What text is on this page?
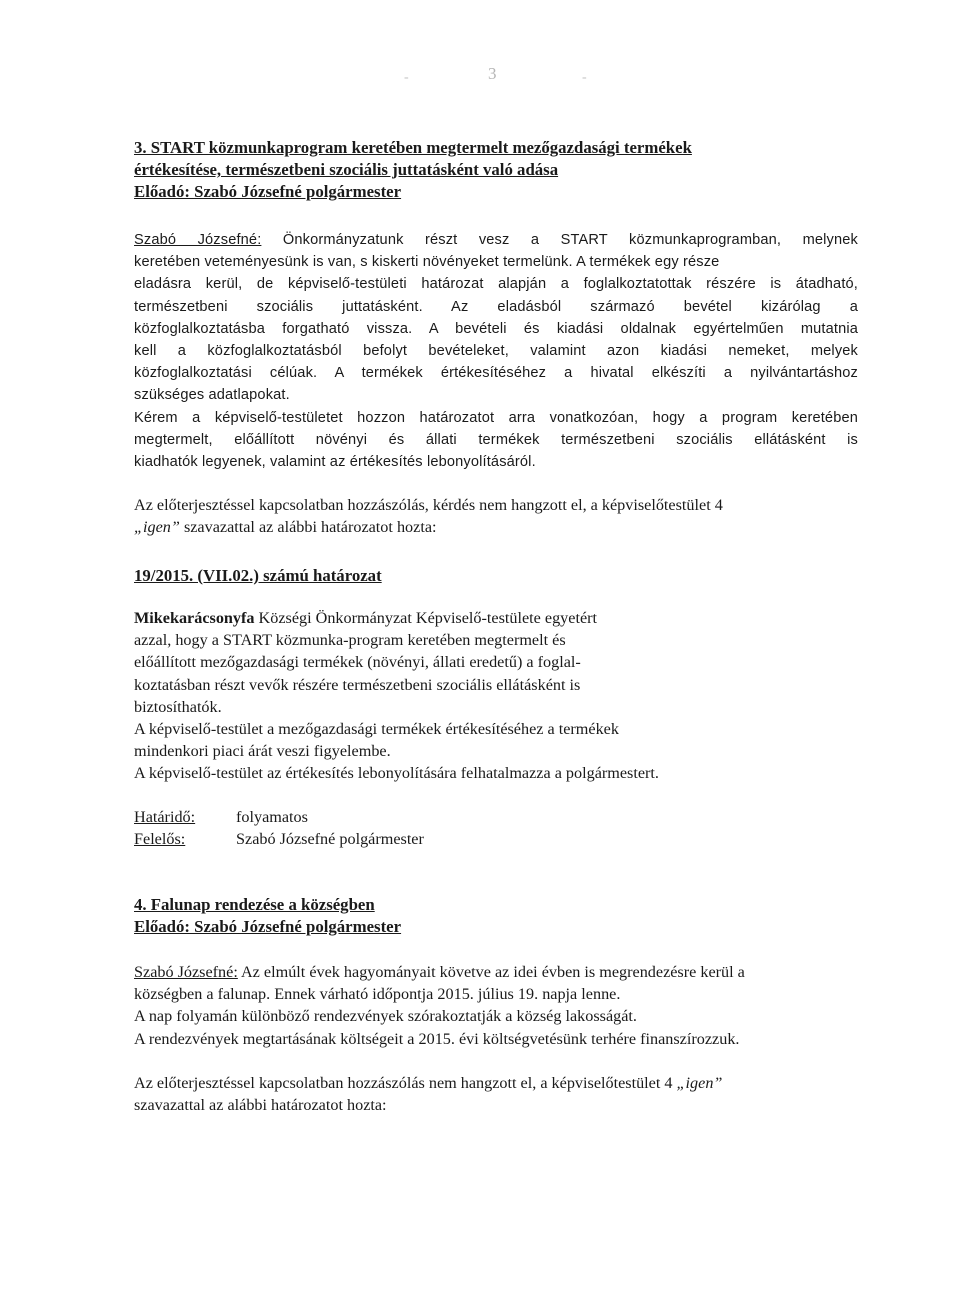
3
-	-
3. START közmunkaprogram keretében megtermelt mezőgazdasági termékek
értékesítése, természetbeni szociális juttatásként való adása
Előadó: Szabó Józsefné polgármester
Szabó Józsefné: Önkormányzatunk részt vesz a START közmunkaprogramban, melynek
keretében veteményesünk is van, s kiskerti növényeket termelünk. A termékek egy része
eladásra kerül, de képviselő-testületi határozat alapján a foglalkoztatottak részére is átadható,
természetbeni szociális juttatásként. Az eladásból származó bevétel kizárólag a
közfoglalkoztatásba forgatható vissza. A bevételi és kiadási oldalnak egyértelműen mutatnia
kell a közfoglalkoztatásból befolyt bevételeket, valamint azon kiadási nemeket, melyek
közfoglalkoztatási célúak. A termékek értékesítéséhez a hivatal elkészíti a nyilvántartáshoz
szükséges adatlapokat.
Kérem a képviselő-testületet hozzon határozatot arra vonatkozóan, hogy a program keretében
megtermelt, előállított növényi és állati termékek természetbeni szociális ellátásként is
kiadhatók legyenek, valamint az értékesítés lebonyolításáról.
Az előterjesztéssel kapcsolatban hozzászólás, kérdés nem hangzott el, a képviselőtestület 4
„igen” szavazattal az alábbi határozatot hozta:
19/2015. (VII.02.) számú határozat
Mikekarácsonyfa Községi Önkormányzat Képviselő-testülete egyetért
azzal, hogy a START közmunka-program keretében megtermelt és
előállított mezőgazdasági termékek (növényi, állati eredetű) a foglal-
koztatásban részt vevők részére természetbeni szociális ellátásként is
biztosíthatók.
A képviselő-testület a mezőgazdasági termékek értékesítéséhez a termékek
mindenkori piaci árát veszi figyelembe.
A képviselő-testület az értékesítés lebonyolítására felhatalmazza a polgármestert.
Határidő:	folyamatos
Felelős:	Szabó Józsefné polgármester
4. Falunap rendezése a községben
Előadó: Szabó Józsefné polgármester
Szabó Józsefné: Az elmúlt évek hagyományait követve az idei évben is megrendezésre kerül a
községben a falunap. Ennek várható időpontja 2015. július 19. napja lenne.
A nap folyamán különböző rendezvények szórakoztatják a község lakosságát.
A rendezvények megtartásának költségeit a 2015. évi költségvetésünk terhére finanszírozzuk.
Az előterjesztéssel kapcsolatban hozzászólás nem hangzott el, a képviselőtestület 4 „igen”
szavazattal az alábbi határozatot hozta:
